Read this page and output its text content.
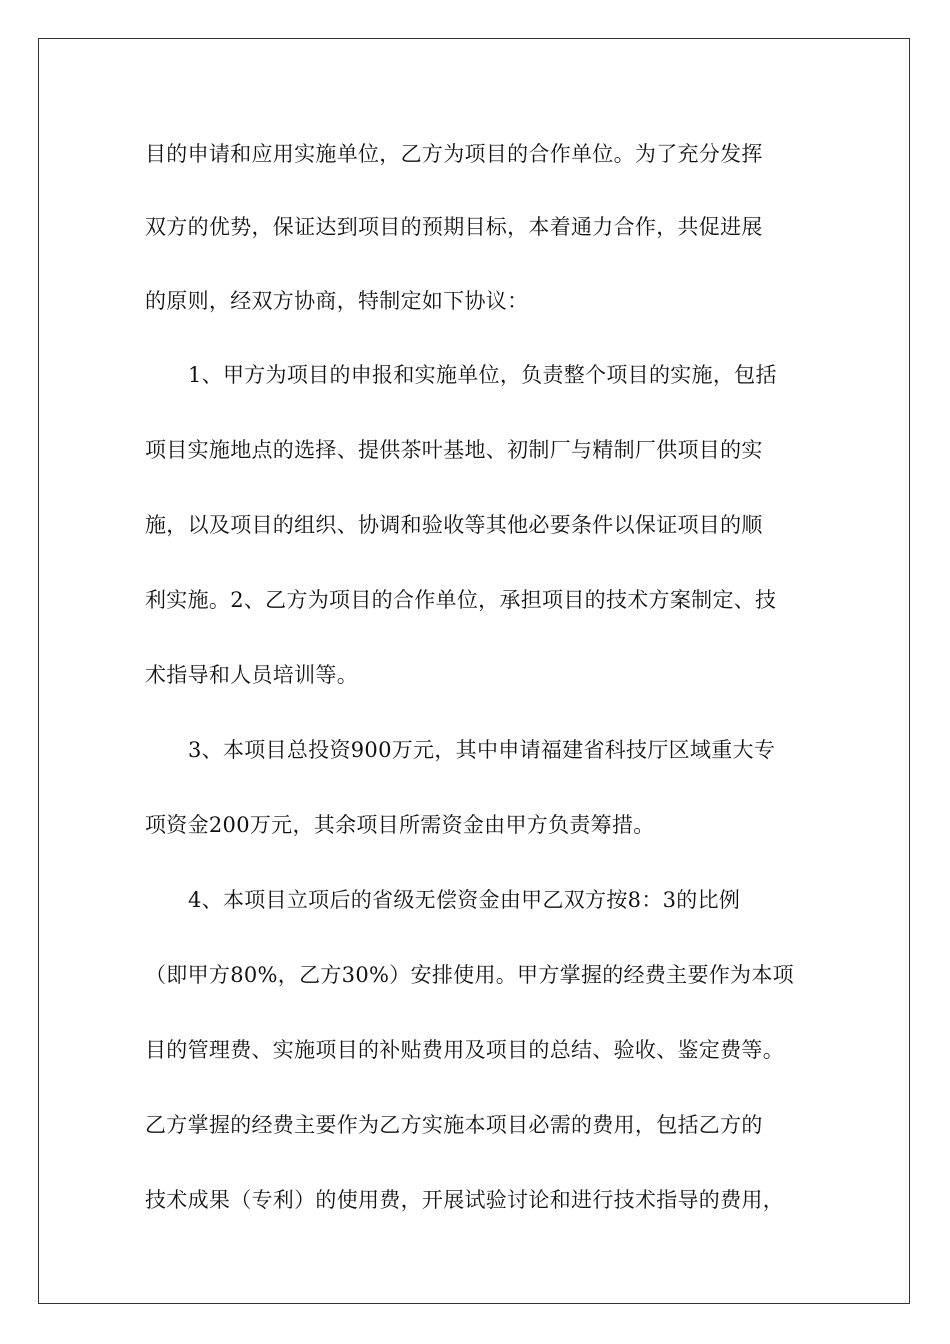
目的申请和应用实施单位，乙方为项目的合作单位。为了充分发挥
双方的优势，保证达到项目的预期目标，本着通力合作，共促进展
的原则，经双方协商，特制定如下协议：
1、甲方为项目的申报和实施单位，负责整个项目的实施，包括
项目实施地点的选择、提供茶叶基地、初制厂与精制厂供项目的实
施，以及项目的组织、协调和验收等其他必要条件以保证项目的顺
利实施。2、乙方为项目的合作单位，承担项目的技术方案制定、技
术指导和人员培训等。
3、本项目总投资900万元，其中申请福建省科技厅区域重大专
项资金200万元，其余项目所需资金由甲方负责筹措。
4、本项目立项后的省级无偿资金由甲乙双方按8：3的比例
（即甲方80%，乙方30%）安排使用。甲方掌握的经费主要作为本项
目的管理费、实施项目的补贴费用及项目的总结、验收、鉴定费等。
乙方掌握的经费主要作为乙方实施本项目必需的费用，包括乙方的
技术成果（专利）的使用费，开展试验讨论和进行技术指导的费用，
